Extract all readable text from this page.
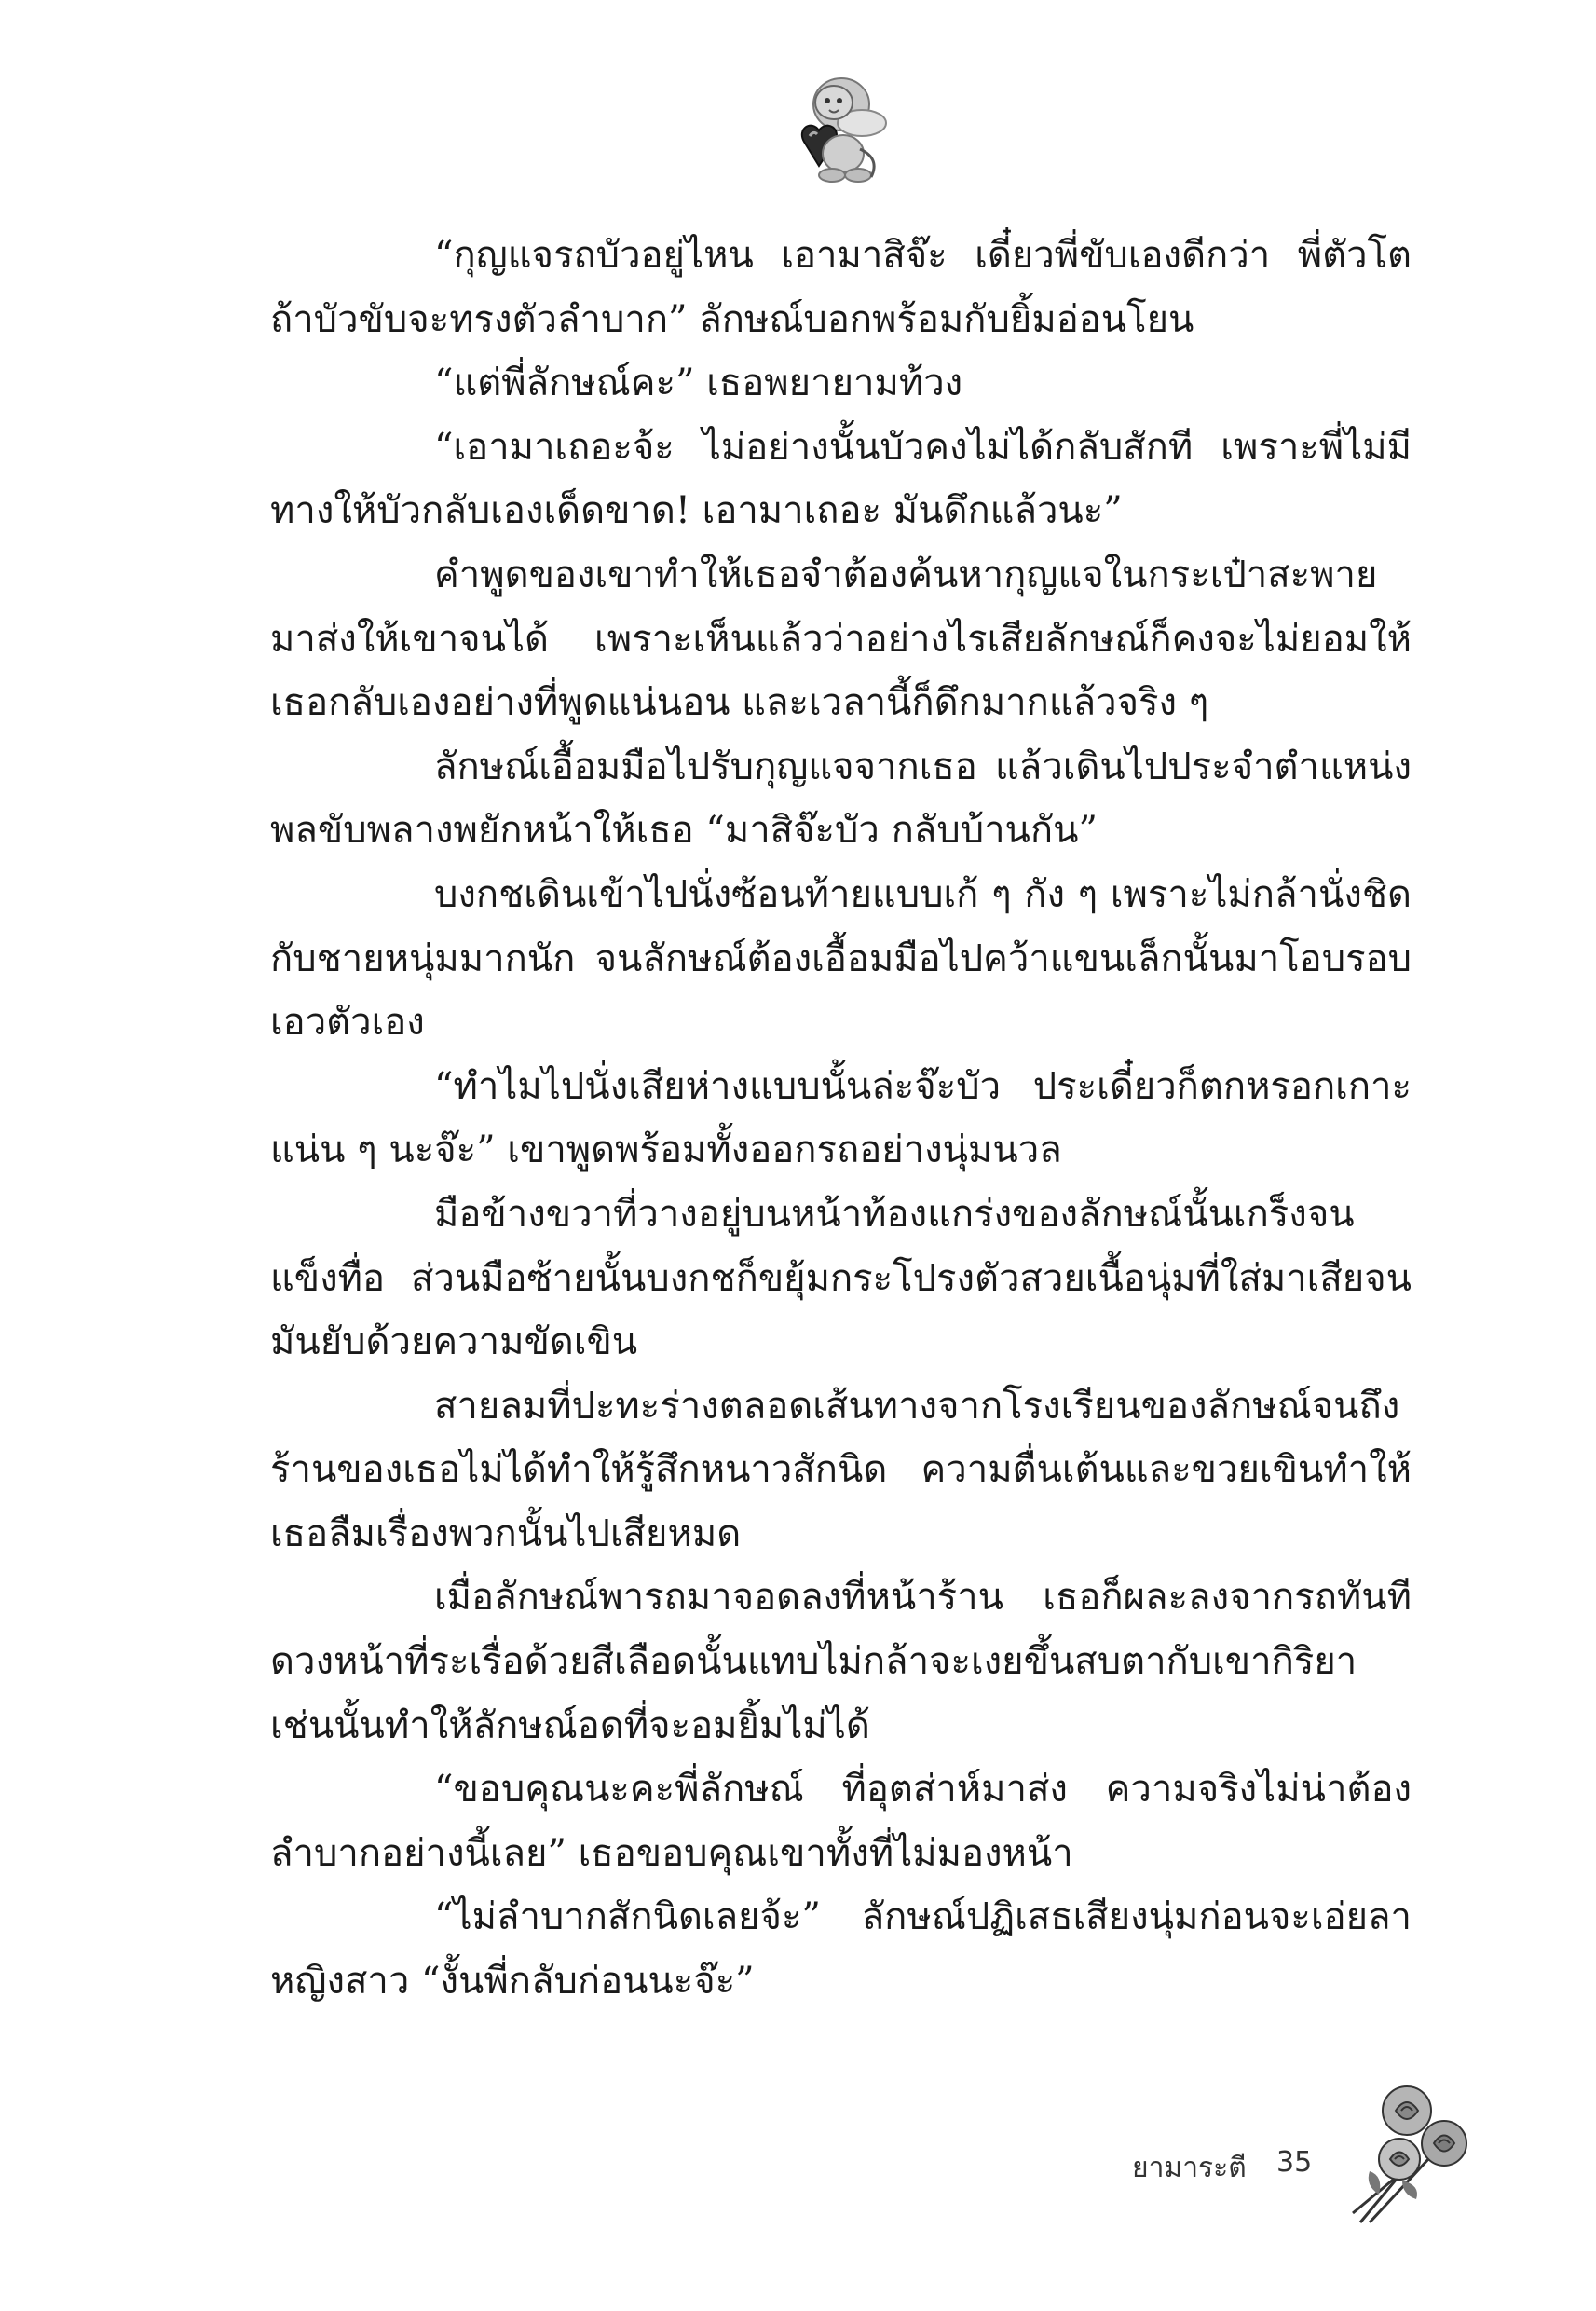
“กุญแจรถบัวอยู่ไหน เอามาสิจ๊ะ เดี๋ยวพี่ขับเองดีกว่า พี่ตัวโต ถ้าบัวขับจะทรงตัวลำบาก” ลักษณ์บอกพร้อมกับยิ้มอ่อนโยน

“แต่พี่ลักษณ์คะ” เธอพยายามท้วง

“เอามาเถอะจ้ะ ไม่อย่างนั้นบัวคงไม่ได้กลับสักที เพราะพี่ไม่มีทางให้บัวกลับเองเด็ดขาด! เอามาเถอะ มันดึกแล้วนะ”

คำพูดของเขาทำให้เธอจำต้องค้นหากุญแจในกระเป๋าสะพายมาส่งให้เขาจนได้ เพราะเห็นแล้วว่าอย่างไรเสียลักษณ์ก็คงจะไม่ยอมให้เธอกลับเองอย่างที่พูดแน่นอน และเวลานี้ก็ดึกมากแล้วจริง ๆ

ลักษณ์เอื้อมมือไปรับกุญแจจากเธอ แล้วเดินไปประจำตำแหน่งพลขับพลางพยักหน้าให้เธอ “มาสิจ๊ะบัว กลับบ้านกัน”

บงกชเดินเข้าไปนั่งซ้อนท้ายแบบเก้ ๆ กัง ๆ เพราะไม่กล้านั่งชิดกับชายหนุ่มมากนัก จนลักษณ์ต้องเอื้อมมือไปคว้าแขนเล็กนั้นมาโอบรอบเอวตัวเอง

“ทำไมไปนั่งเสียห่างแบบนั้นล่ะจ๊ะบัว ประเดี๋ยวก็ตกหรอกเกาะแน่น ๆ นะจ๊ะ” เขาพูดพร้อมทั้งออกรถอย่างนุ่มนวล

มือข้างขวาที่วางอยู่บนหน้าท้องแกร่งของลักษณ์นั้นเกร็งจนแข็งทื่อ ส่วนมือซ้ายนั้นบงกชก็ขยุ้มกระโปรงตัวสวยเนื้อนุ่มที่ใส่มาเสียจนมันยับด้วยความขัดเขิน

สายลมที่ปะทะร่างตลอดเส้นทางจากโรงเรียนของลักษณ์จนถึงร้านของเธอไม่ได้ทำให้รู้สึกหนาวสักนิด ความตื่นเต้นและขวยเขินทำให้เธอลืมเรื่องพวกนั้นไปเสียหมด

เมื่อลักษณ์พารถมาจอดลงที่หน้าร้าน เธอก็ผละลงจากรถทันที ดวงหน้าที่ระเรื่อด้วยสีเลือดนั้นแทบไม่กล้าจะเงยขึ้นสบตากับเขากิริยาเช่นนั้นทำให้ลักษณ์อดที่จะอมยิ้มไม่ได้

“ขอบคุณนะคะพี่ลักษณ์ ที่อุตส่าห์มาส่ง ความจริงไม่น่าต้องลำบากอย่างนี้เลย” เธอขอบคุณเขาทั้งที่ไม่มองหน้า

“ไม่ลำบากสักนิดเลยจ้ะ” ลักษณ์ปฏิเสธเสียงนุ่มก่อนจะเอ่ยลาหญิงสาว “งั้นพี่กลับก่อนนะจ๊ะ”

ยามาระตี 35
